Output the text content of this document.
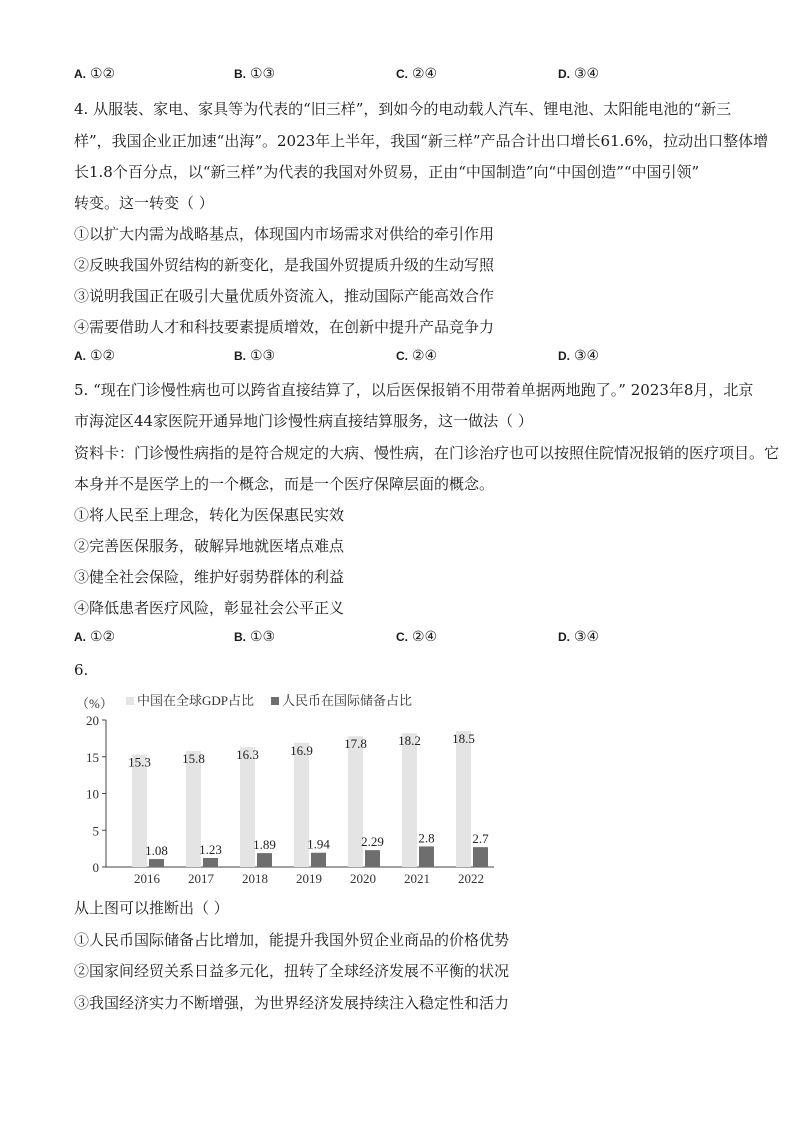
A. ①②	B. ①③	C. ②④	D. ③④
4. 从服装、家电、家具等为代表的“旧三样”，到如今的电动载人汽车、锂电池、太阳能电池的“新三
样”，我国企业正加速“出海”。2023年上半年，我国“新三样”产品合计出口增长61.6%，拉动出口整体增
长1.8个百分点，以“新三样”为代表的我国对外贸易，正由“中国制造”向“中国创造”“中国引领”
转变。这一转变（ ）
①以扩大内需为战略基点，体现国内市场需求对供给的牵引作用
②反映我国外贸结构的新变化，是我国外贸提质升级的生动写照
③说明我国正在吸引大量优质外资流入，推动国际产能高效合作
④需要借助人才和科技要素提质增效，在创新中提升产品竞争力
A. ①②	B. ①③	C. ②④	D. ③④
5. “现在门诊慢性病也可以跨省直接结算了，以后医保报销不用带着单据两地跑了。” 2023年8月，北京
市海淀区44家医院开通异地门诊慢性病直接结算服务，这一做法（ ）
资料卡：门诊慢性病指的是符合规定的大病、慢性病，在门诊治疗也可以按照住院情况报销的医疗项目。它
本身并不是医学上的一个概念，而是一个医疗保障层面的概念。
①将人民至上理念，转化为医保惠民实效
②完善医保服务，破解异地就医堵点难点
③健全社会保险，维护好弱势群体的利益
④降低患者医疗风险，彰显社会公平正义
A. ①②	B. ①③	C. ②④	D. ③④
6.
（%） 中国在全球GDP占比 人民币在国际储备占比
0
5
10
15
20
15.3
1.08
15.8
1.23
16.3
1.89
16.9
1.94
17.8
2.29
18.2
2.8
18.5
2.7
2016 2017 2018 2019 2020 2021 2022
从上图可以推断出（ ）
①人民币国际储备占比增加，能提升我国外贸企业商品的价格优势
②国家间经贸关系日益多元化，扭转了全球经济发展不平衡的状况
③我国经济实力不断增强，为世界经济发展持续注入稳定性和活力
